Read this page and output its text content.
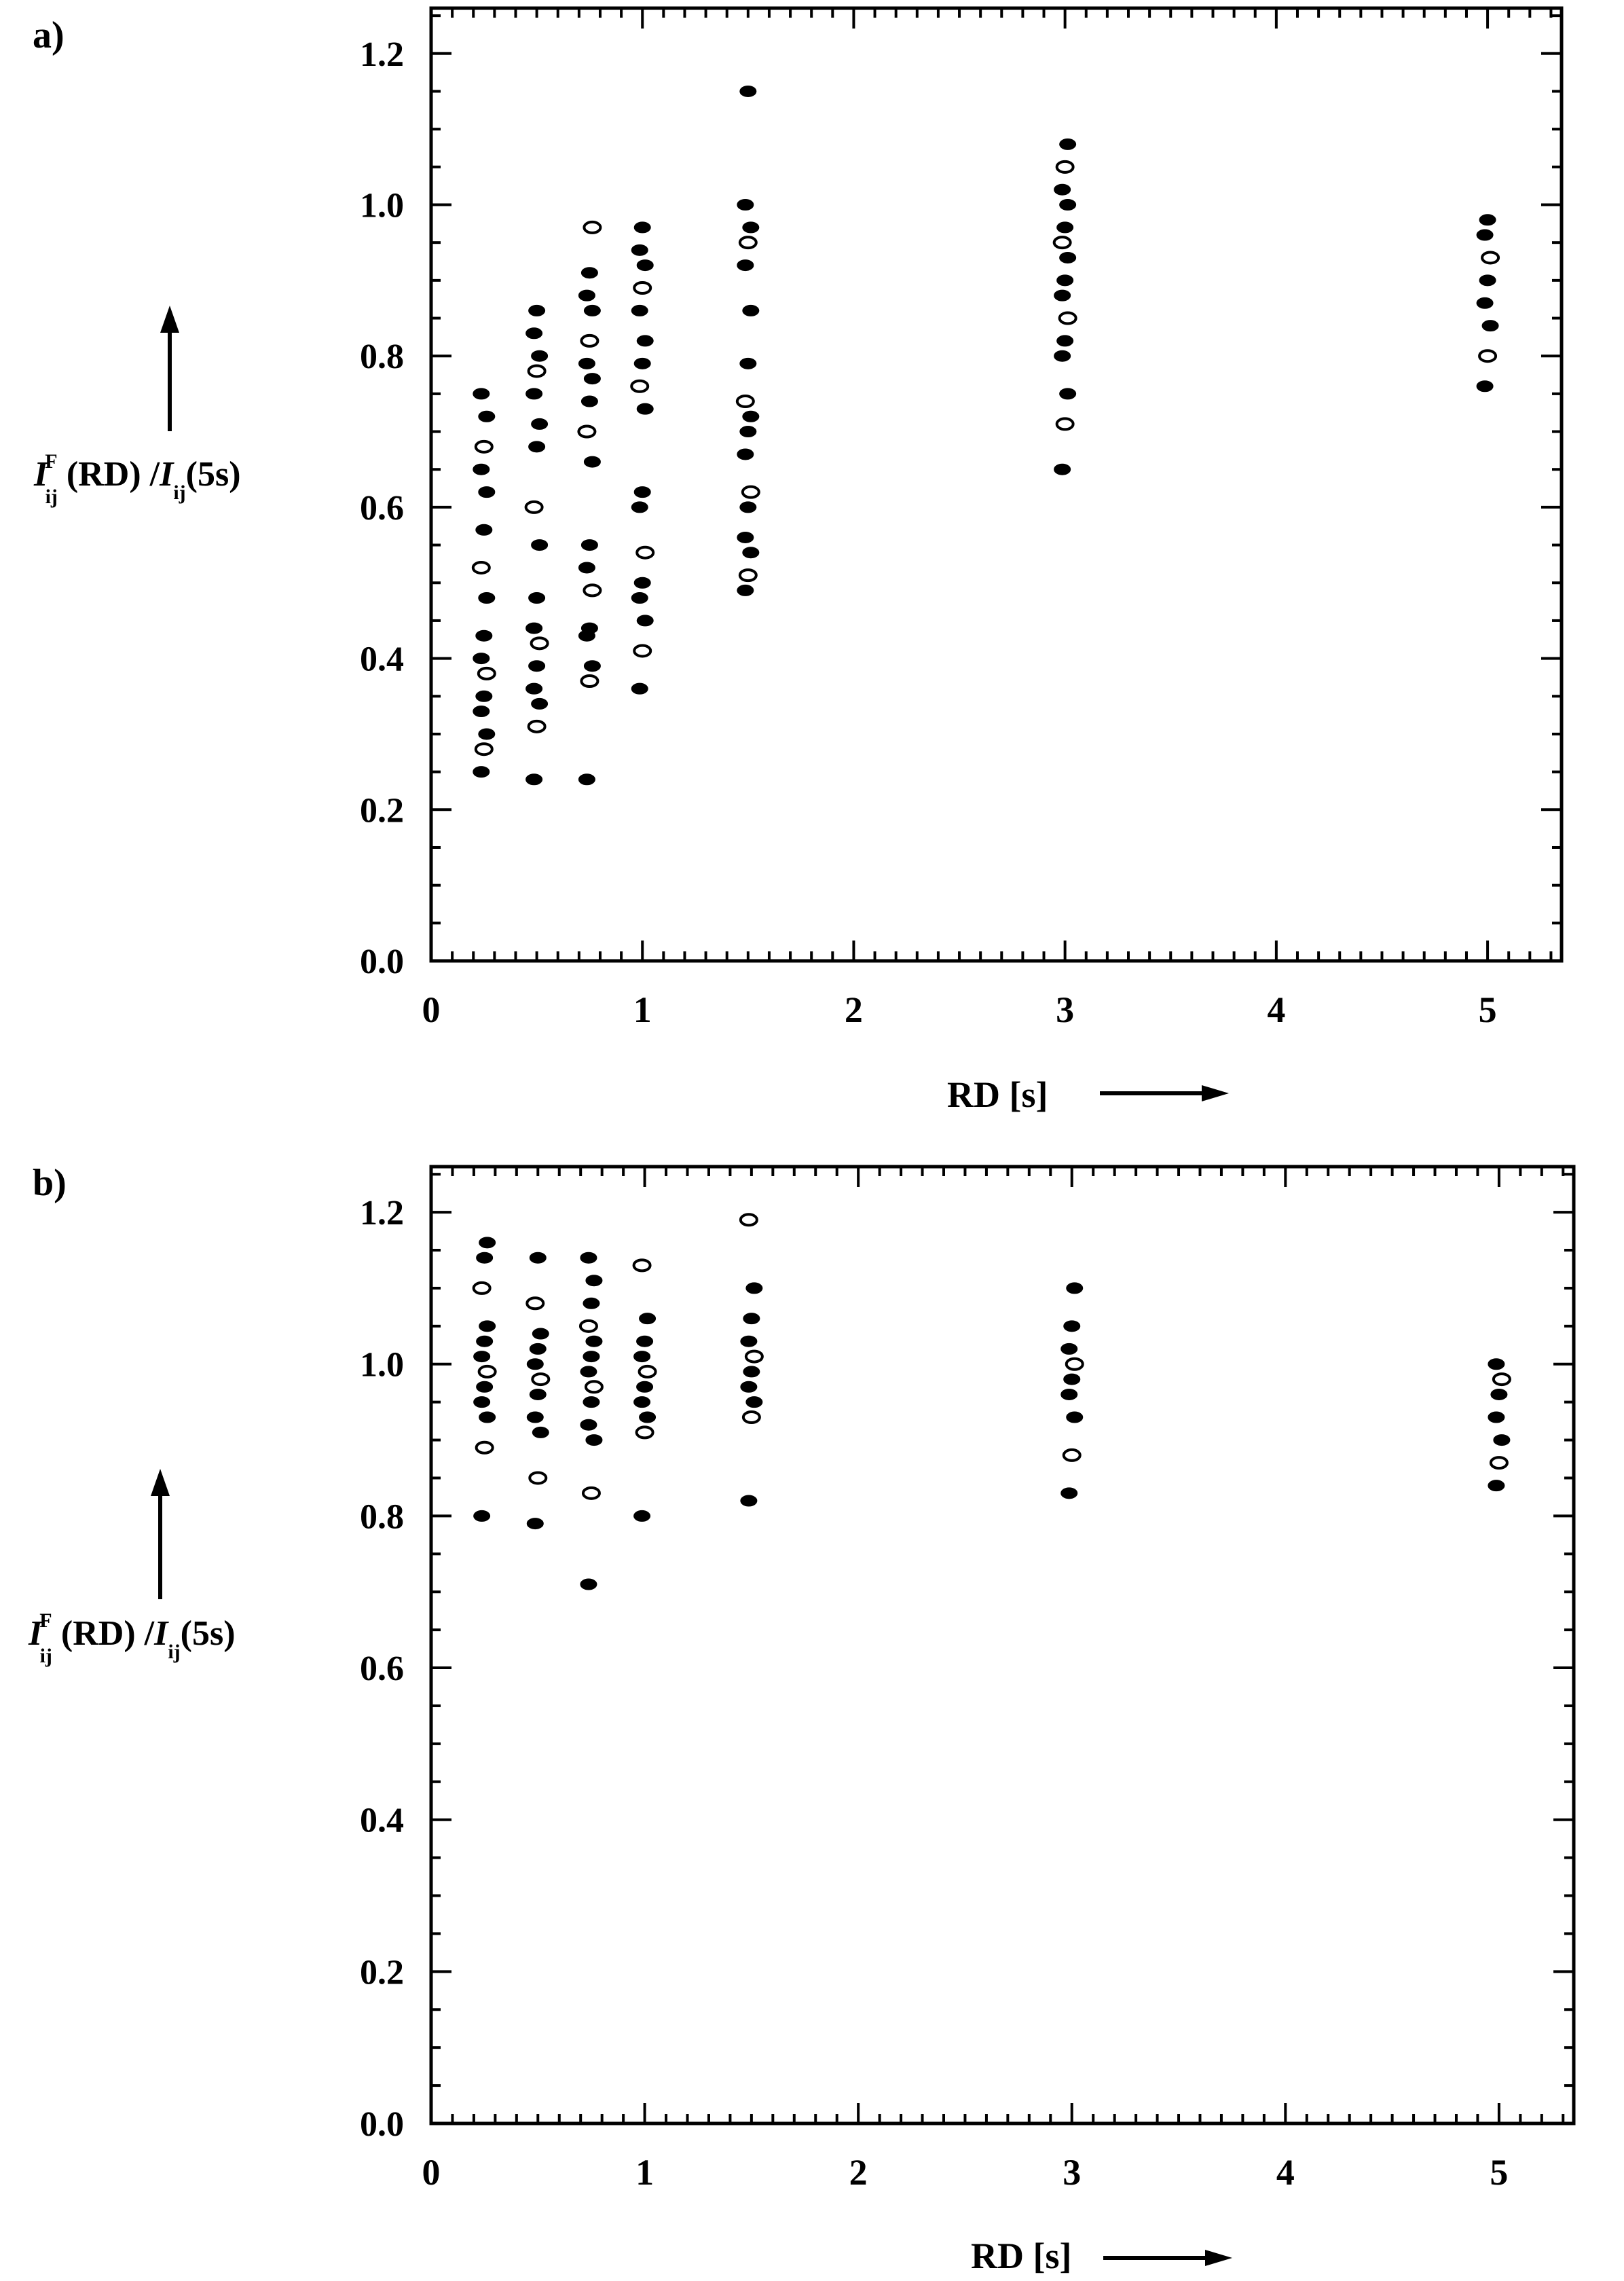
0	1	2	3	4	5
0.0
0.2
0.4
0.6
0.8
1.0
1.2
a)
IF ij (RD) $/I_{ij}(5s)$
RD [s]
0	1	2	3	4	5
0.0
0.2
0.4
0.6
0.8
1.0
1.2
b)
IF ij (RD) $/I_{ij}(5s)$
RD [s]
